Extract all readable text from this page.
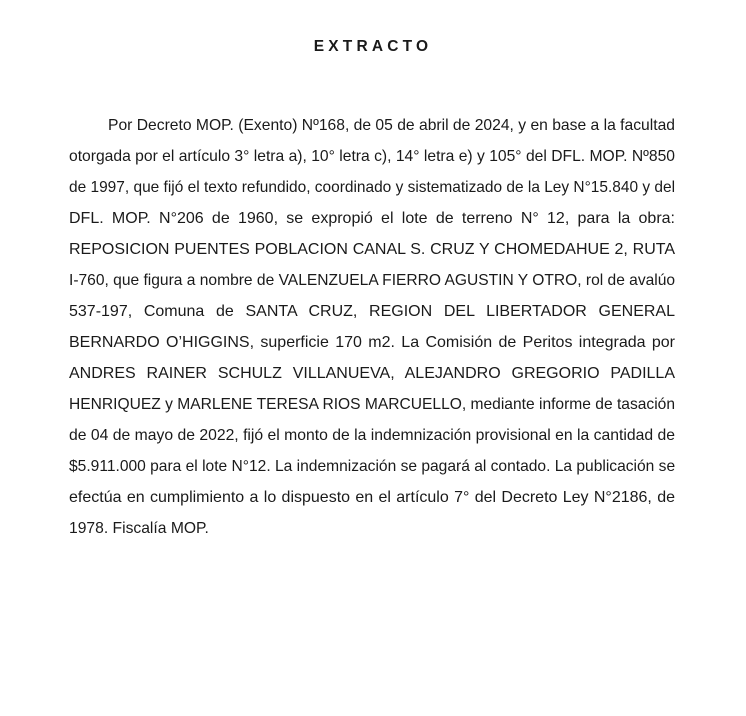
EXTRACTO
Por Decreto MOP. (Exento) Nº168, de 05 de abril de 2024, y en base a la facultad
otorgada por el artículo 3° letra a), 10° letra c), 14° letra e) y 105° del DFL. MOP. Nº850
de 1997, que fijó el texto refundido, coordinado y sistematizado de la Ley N°15.840 y del
DFL. MOP. N°206 de 1960, se expropió el lote de terreno N° 12, para la obra:
REPOSICION PUENTES POBLACION CANAL S. CRUZ Y CHOMEDAHUE 2, RUTA
I-760, que figura a nombre de VALENZUELA FIERRO AGUSTIN Y OTRO, rol de avalúo
537-197, Comuna de SANTA CRUZ, REGION DEL LIBERTADOR GENERAL
BERNARDO O’HIGGINS, superficie 170 m2. La Comisión de Peritos integrada por
ANDRES RAINER SCHULZ VILLANUEVA, ALEJANDRO GREGORIO PADILLA
HENRIQUEZ y MARLENE TERESA RIOS MARCUELLO, mediante informe de tasación
de 04 de mayo de 2022, fijó el monto de la indemnización provisional en la cantidad de
$5.911.000 para el lote N°12. La indemnización se pagará al contado. La publicación se
efectúa en cumplimiento a lo dispuesto en el artículo 7° del Decreto Ley N°2186, de
1978. Fiscalía MOP.
